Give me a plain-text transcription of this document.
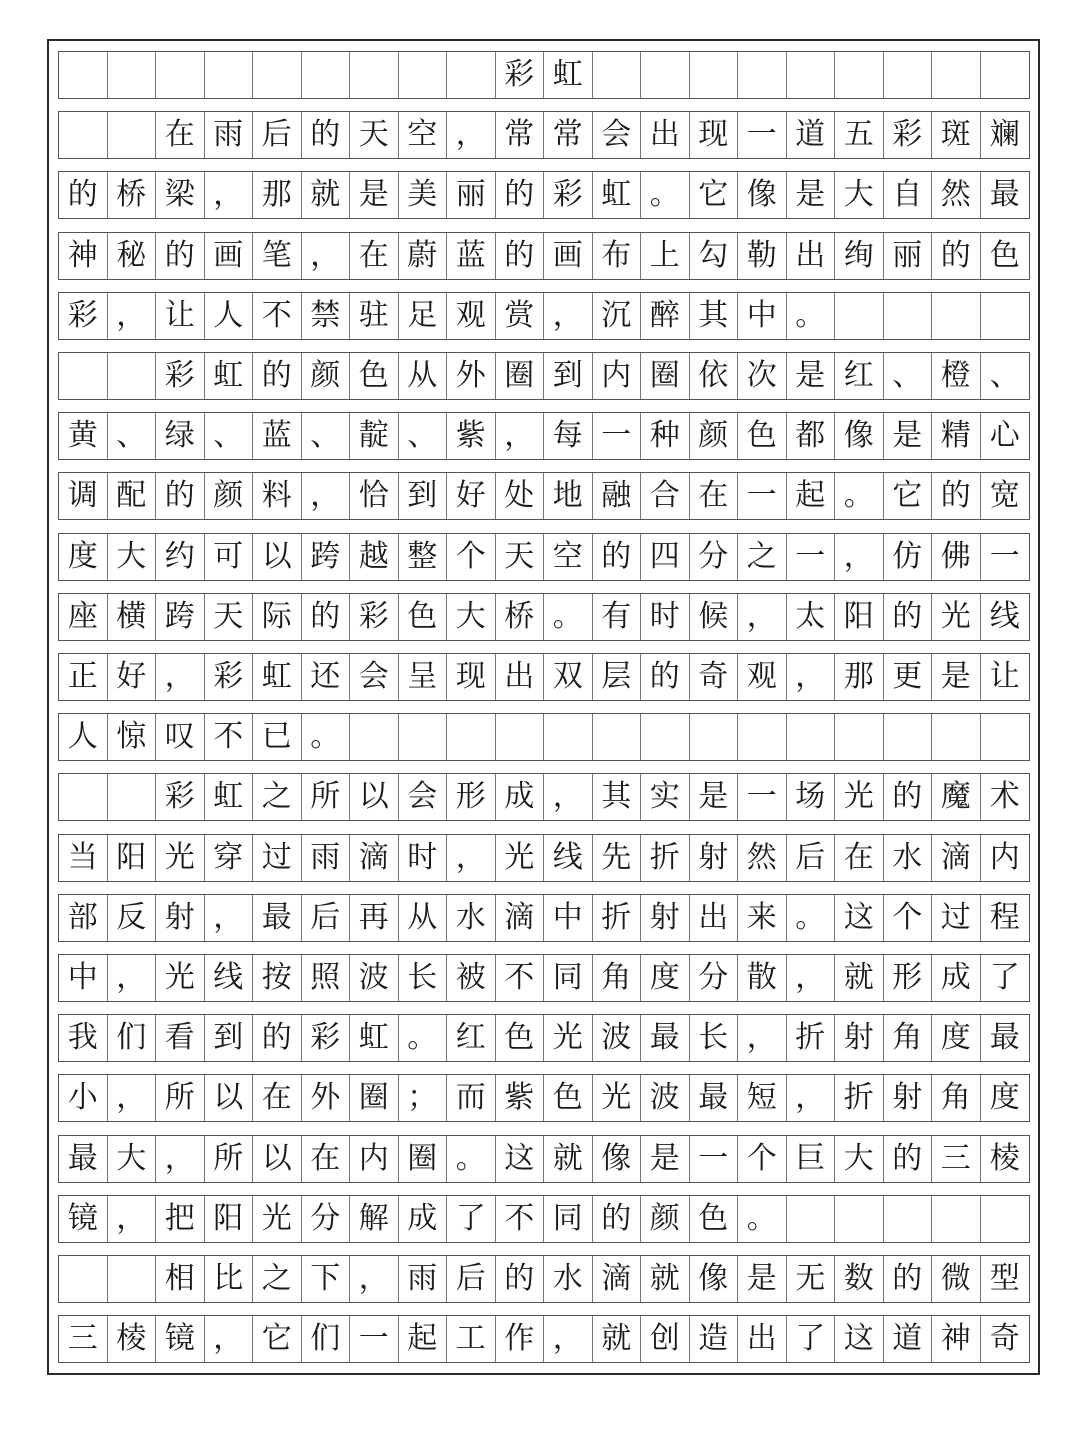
彩 虹
在 雨 后 的 天 空 ， 常 常 会 出 现 一 道 五 彩 斑 斓
的 桥 梁 ， 那 就 是 美 丽 的 彩 虹 。 它 像 是 大 自 然 最
神 秘 的 画 笔 ， 在 蔚 蓝 的 画 布 上 勾 勒 出 绚 丽 的 色
彩 ， 让 人 不 禁 驻 足 观 赏 ， 沉 醉 其 中 。
彩 虹 的 颜 色 从 外 圈 到 内 圈 依 次 是 红 、 橙 、
黄 、 绿 、 蓝 、 靛 、 紫 ， 每 一 种 颜 色 都 像 是 精 心
调 配 的 颜 料 ， 恰 到 好 处 地 融 合 在 一 起 。 它 的 宽
度 大 约 可 以 跨 越 整 个 天 空 的 四 分 之 一 ， 仿 佛 一
座 横 跨 天 际 的 彩 色 大 桥 。 有 时 候 ， 太 阳 的 光 线
正 好 ， 彩 虹 还 会 呈 现 出 双 层 的 奇 观 ， 那 更 是 让
人 惊 叹 不 已 。
彩 虹 之 所 以 会 形 成 ， 其 实 是 一 场 光 的 魔 术
当 阳 光 穿 过 雨 滴 时 ， 光 线 先 折 射 然 后 在 水 滴 内
部 反 射 ， 最 后 再 从 水 滴 中 折 射 出 来 。 这 个 过 程
中 ， 光 线 按 照 波 长 被 不 同 角 度 分 散 ， 就 形 成 了
我 们 看 到 的 彩 虹 。 红 色 光 波 最 长 ， 折 射 角 度 最
小 ， 所 以 在 外 圈 ； 而 紫 色 光 波 最 短 ， 折 射 角 度
最 大 ， 所 以 在 内 圈 。 这 就 像 是 一 个 巨 大 的 三 棱
镜 ， 把 阳 光 分 解 成 了 不 同 的 颜 色 。
相 比 之 下 ， 雨 后 的 水 滴 就 像 是 无 数 的 微 型
三 棱 镜 ， 它 们 一 起 工 作 ， 就 创 造 出 了 这 道 神 奇
